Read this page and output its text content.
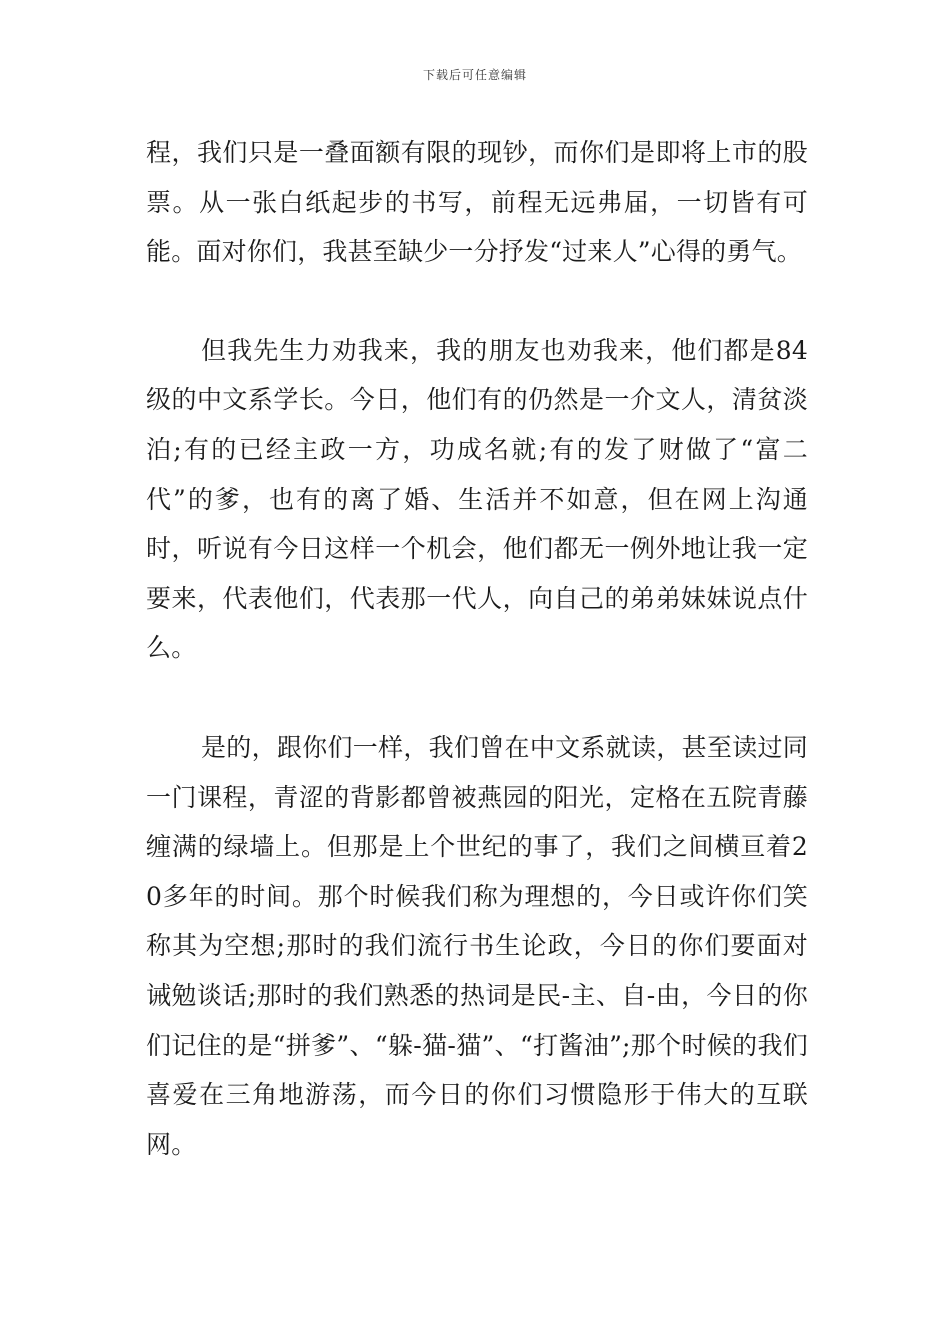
下载后可任意编辑

程，我们只是一叠面额有限的现钞，而你们是即将上市的股票。从一张白纸起步的书写，前程无远弗届，一切皆有可能。面对你们，我甚至缺少一分抒发“过来人”心得的勇气。

但我先生力劝我来，我的朋友也劝我来，他们都是84级的中文系学长。今日，他们有的仍然是一介文人，清贫淡泊;有的已经主政一方，功成名就;有的发了财做了“富二代”的爹，也有的离了婚、生活并不如意，但在网上沟通时，听说有今日这样一个机会，他们都无一例外地让我一定要来，代表他们，代表那一代人，向自己的弟弟妹妹说点什么。

是的，跟你们一样，我们曾在中文系就读，甚至读过同一门课程，青涩的背影都曾被燕园的阳光，定格在五院青藤缠满的绿墙上。但那是上个世纪的事了，我们之间横亘着20多年的时间。那个时候我们称为理想的，今日或许你们笑称其为空想;那时的我们流行书生论政，今日的你们要面对诫勉谈话;那时的我们熟悉的热词是民-主、自-由，今日的你们记住的是“拼爹”、“躲-猫-猫”、“打酱油”;那个时候的我们喜爱在三角地游荡，而今日的你们习惯隐形于伟大的互联网。
